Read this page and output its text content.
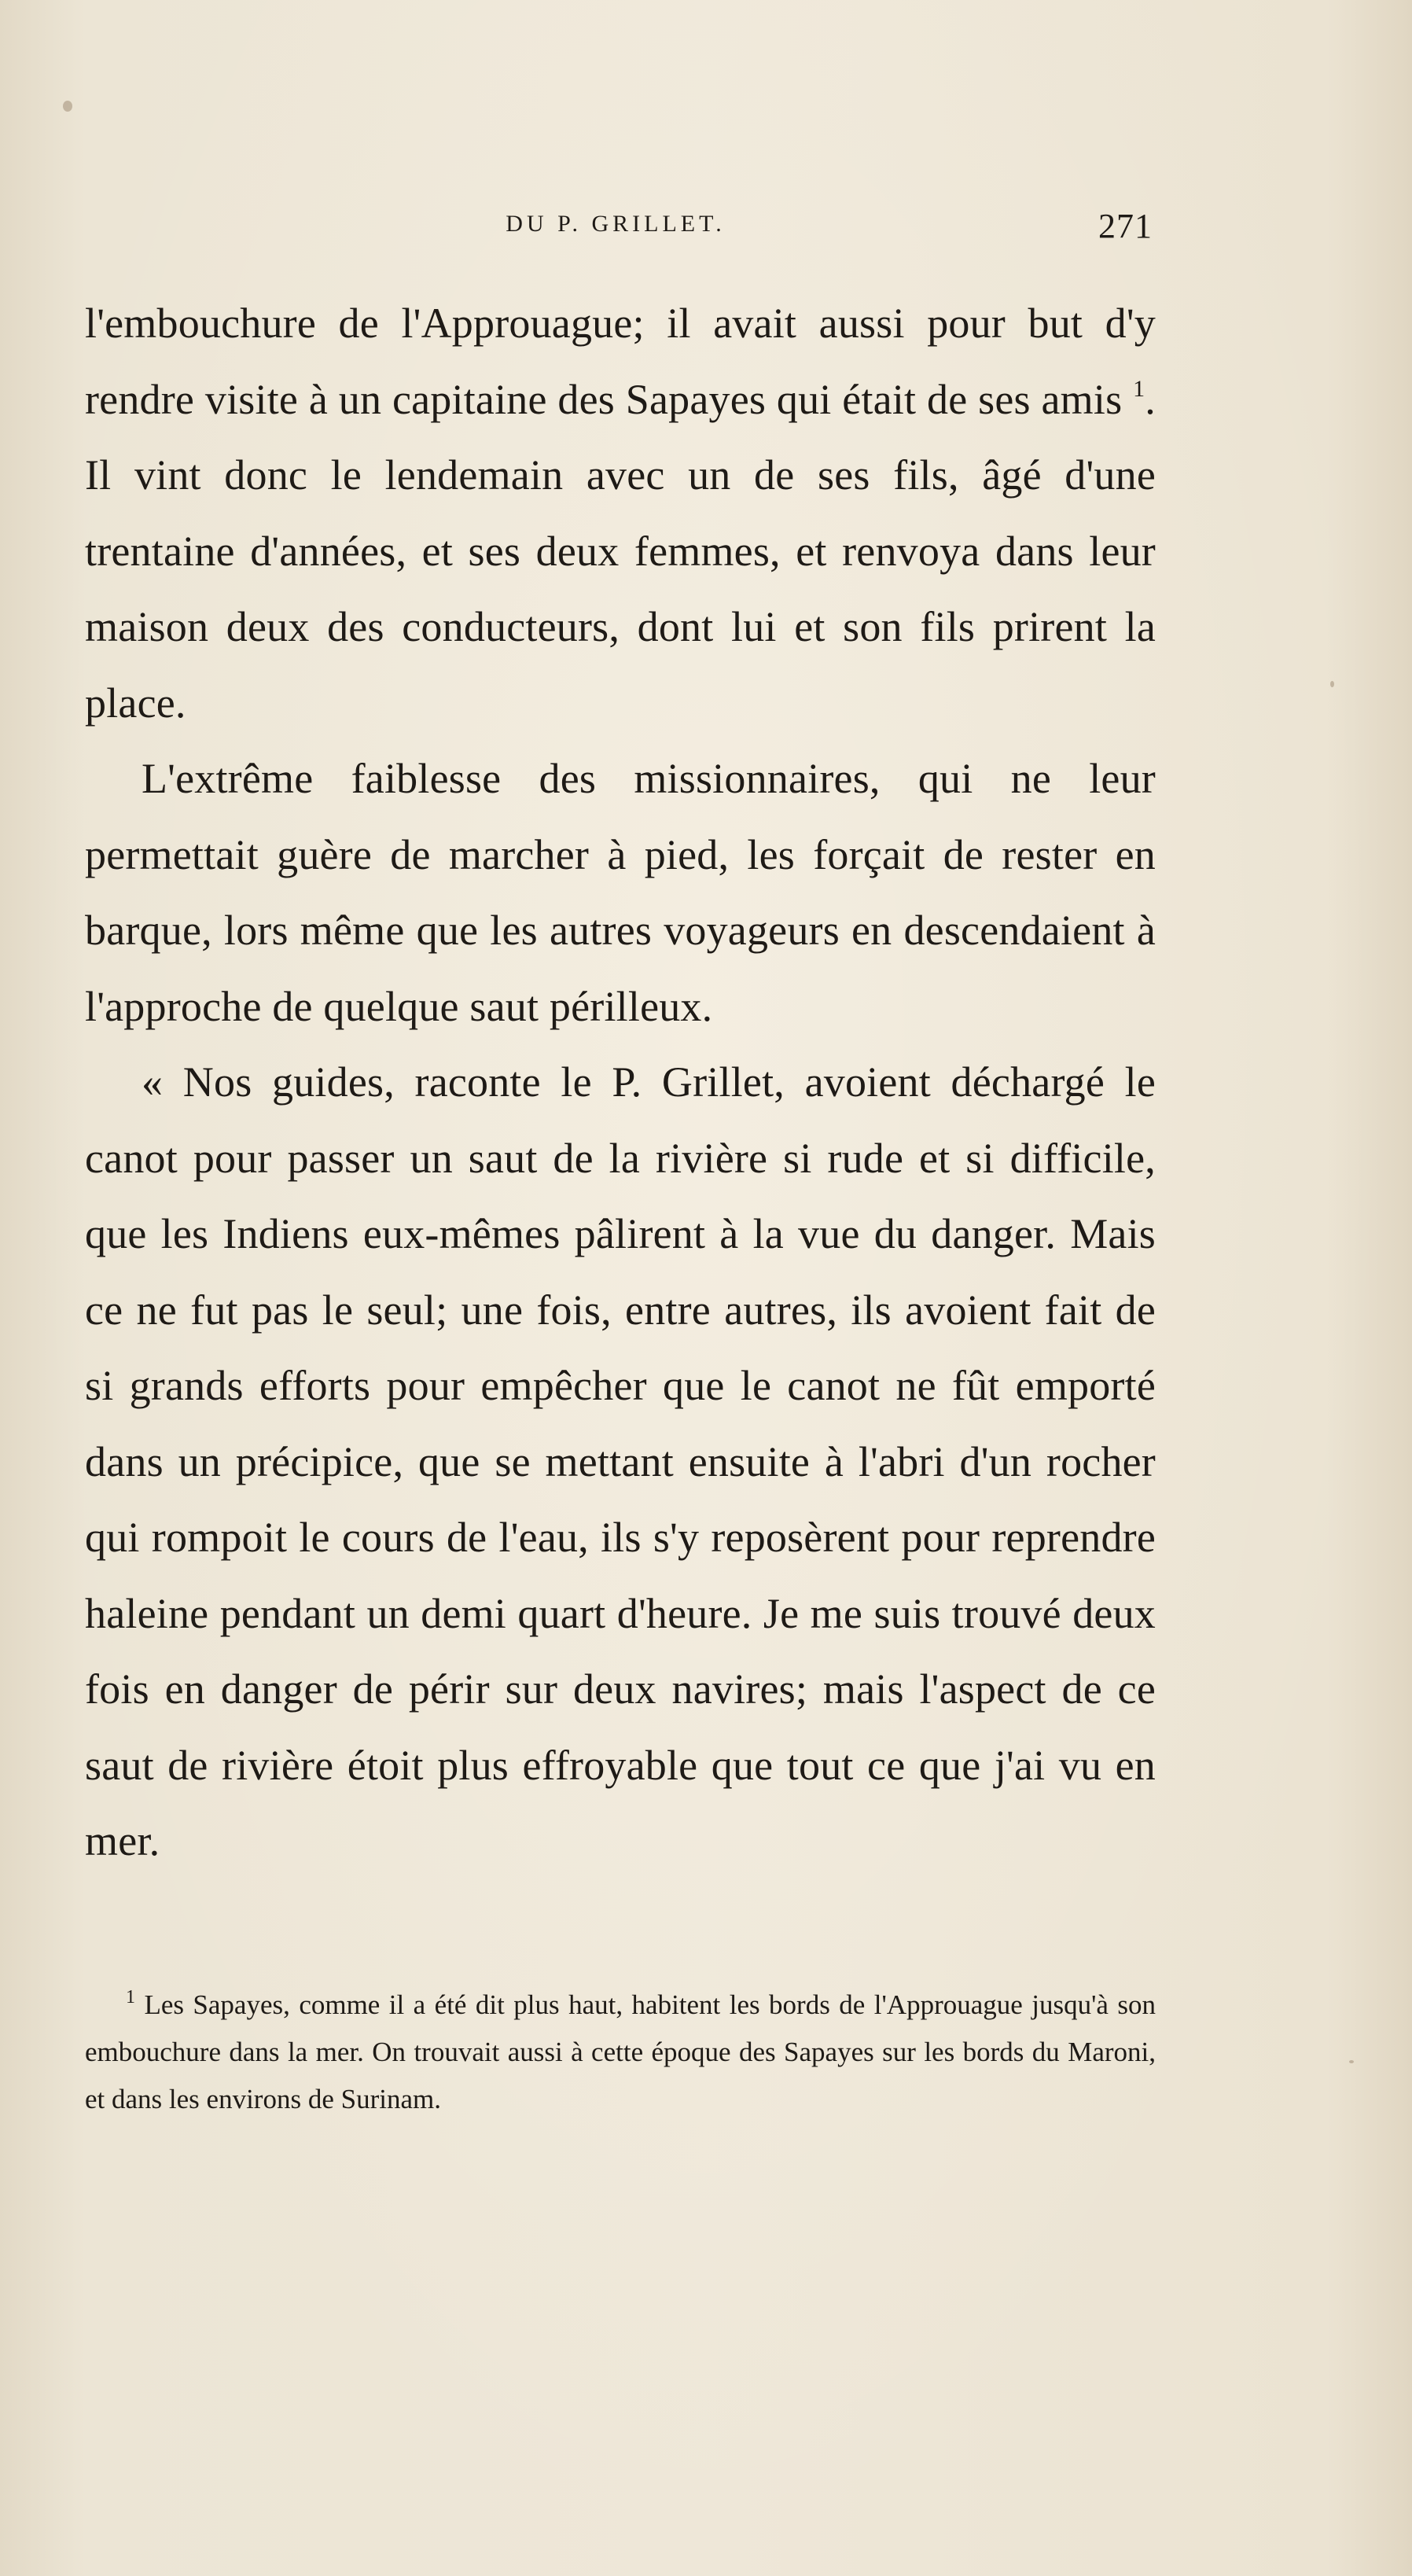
DU P. GRILLET.	271

l'embouchure de l'Approuague; il avait aussi pour but d'y rendre visite à un capitaine des Sapayes qui était de ses amis $^1$. Il vint donc le lendemain avec un de ses fils, âgé d'une trentaine d'années, et ses deux femmes, et renvoya dans leur maison deux des conducteurs, dont lui et son fils prirent la place.

L'extrême faiblesse des missionnaires, qui ne leur permettait guère de marcher à pied, les forçait de rester en barque, lors même que les autres voyageurs en descendaient à l'approche de quelque saut périlleux.

« Nos guides, raconte le P. Grillet, avoient déchargé le canot pour passer un saut de la rivière si rude et si difficile, que les Indiens eux-mêmes pâlirent à la vue du danger. Mais ce ne fut pas le seul; une fois, entre autres, ils avoient fait de si grands efforts pour empêcher que le canot ne fût emporté dans un précipice, que se mettant ensuite à l'abri d'un rocher qui rompoit le cours de l'eau, ils s'y reposèrent pour reprendre haleine pendant un demi quart d'heure. Je me suis trouvé deux fois en danger de périr sur deux navires; mais l'aspect de ce saut de rivière étoit plus effroyable que tout ce que j'ai vu en mer.

$^1$ Les Sapayes, comme il a été dit plus haut, habitent les bords de l'Approuague jusqu'à son embouchure dans la mer. On trouvait aussi à cette époque des Sapayes sur les bords du Maroni, et dans les environs de Surinam.
